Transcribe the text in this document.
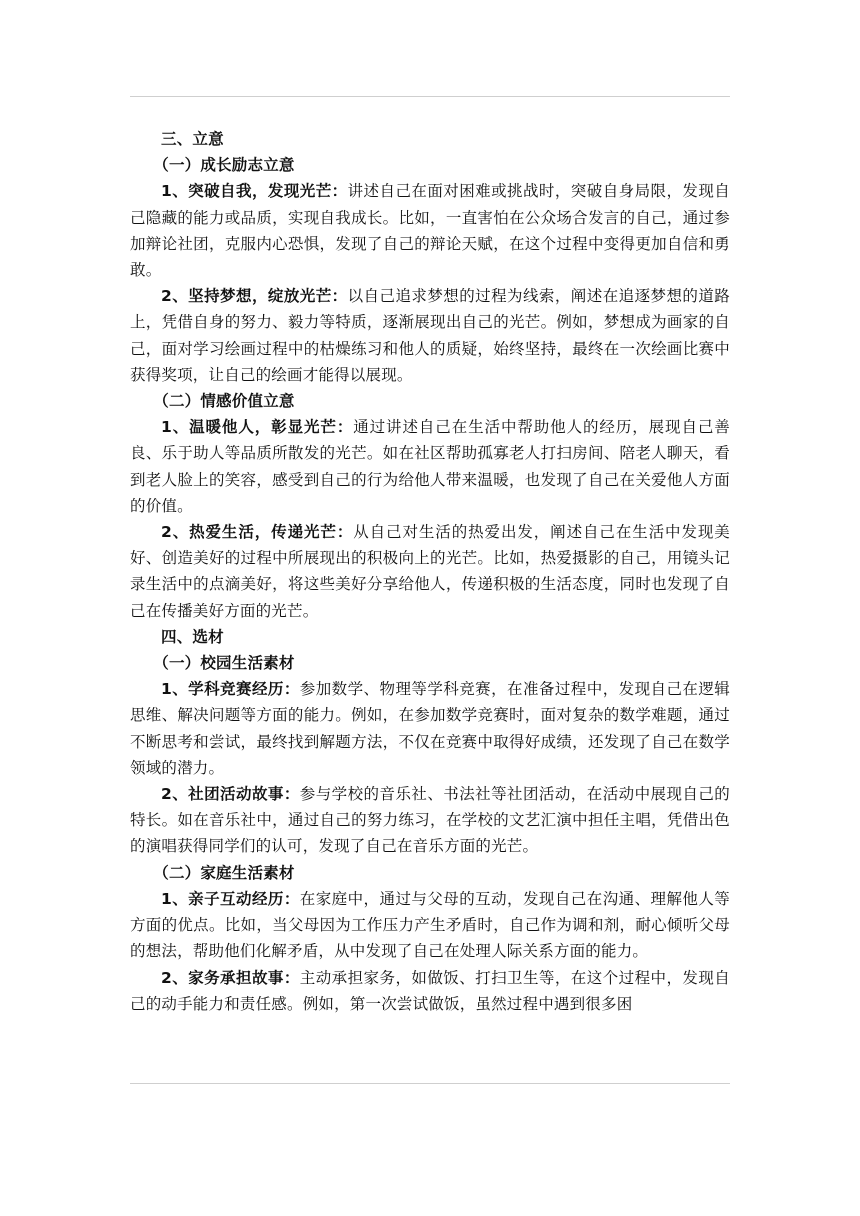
三、立意

（一）成长励志立意

1、突破自我，发现光芒：讲述自己在面对困难或挑战时，突破自身局限，发现自己隐藏的能力或品质，实现自我成长。比如，一直害怕在公众场合发言的自己，通过参加辩论社团，克服内心恐惧，发现了自己的辩论天赋，在这个过程中变得更加自信和勇敢。

2、坚持梦想，绽放光芒：以自己追求梦想的过程为线索，阐述在追逐梦想的道路上，凭借自身的努力、毅力等特质，逐渐展现出自己的光芒。例如，梦想成为画家的自己，面对学习绘画过程中的枯燥练习和他人的质疑，始终坚持，最终在一次绘画比赛中获得奖项，让自己的绘画才能得以展现。

（二）情感价值立意

1、温暖他人，彰显光芒：通过讲述自己在生活中帮助他人的经历，展现自己善良、乐于助人等品质所散发的光芒。如在社区帮助孤寡老人打扫房间、陪老人聊天，看到老人脸上的笑容，感受到自己的行为给他人带来温暖，也发现了自己在关爱他人方面的价值。

2、热爱生活，传递光芒：从自己对生活的热爱出发，阐述自己在生活中发现美好、创造美好的过程中所展现出的积极向上的光芒。比如，热爱摄影的自己，用镜头记录生活中的点滴美好，将这些美好分享给他人，传递积极的生活态度，同时也发现了自己在传播美好方面的光芒。

四、选材

（一）校园生活素材

1、学科竞赛经历：参加数学、物理等学科竞赛，在准备过程中，发现自己在逻辑思维、解决问题等方面的能力。例如，在参加数学竞赛时，面对复杂的数学难题，通过不断思考和尝试，最终找到解题方法，不仅在竞赛中取得好成绩，还发现了自己在数学领域的潜力。

2、社团活动故事：参与学校的音乐社、书法社等社团活动，在活动中展现自己的特长。如在音乐社中，通过自己的努力练习，在学校的文艺汇演中担任主唱，凭借出色的演唱获得同学们的认可，发现了自己在音乐方面的光芒。

（二）家庭生活素材

1、亲子互动经历：在家庭中，通过与父母的互动，发现自己在沟通、理解他人等方面的优点。比如，当父母因为工作压力产生矛盾时，自己作为调和剂，耐心倾听父母的想法，帮助他们化解矛盾，从中发现了自己在处理人际关系方面的能力。

2、家务承担故事：主动承担家务，如做饭、打扫卫生等，在这个过程中，发现自己的动手能力和责任感。例如，第一次尝试做饭，虽然过程中遇到很多困
